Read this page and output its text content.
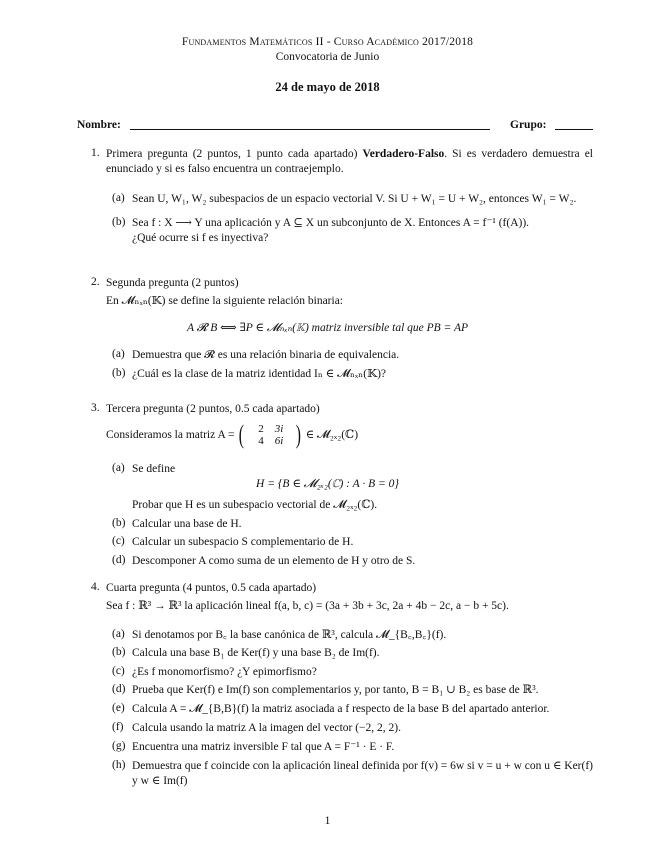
Fundamentos Matemáticos II - Curso Académico 2017/2018
Convocatoria de Junio
24 de mayo de 2018
Nombre:	Grupo:
1. Primera pregunta (2 puntos, 1 punto cada apartado) Verdadero-Falso. Si es verdadero demuestra el enunciado y si es falso encuentra un contraejemplo.
(a) Sean U, W₁, W₂ subespacios de un espacio vectorial V. Si U + W₁ = U + W₂, entonces W₁ = W₂.
(b) Sea f : X ⟶ Y una aplicación y A ⊆ X un subconjunto de X. Entonces A = f⁻¹ (f(A)).
¿Qué ocurre si f es inyectiva?
2. Segunda pregunta (2 puntos)
En 𝓜ₙₓₙ(𝕂) se define la siguiente relación binaria:
A 𝓡 B ⟺ ∃P ∈ 𝓜ₙₓₙ(𝕂) matriz inversible tal que PB = AP
(a) Demuestra que 𝓡 es una relación binaria de equivalencia.
(b) ¿Cuál es la clase de la matriz identidad Iₙ ∈ 𝓜ₙₓₙ(𝕂)?
3. Tercera pregunta (2 puntos, 0.5 cada apartado)
Consideramos la matriz A = (	2 3i
4 6i ) ∈ 𝓜₂ₓ₂(ℂ)
(a) Se define
H = {B ∈ 𝓜₂ₓ₂(ℂ) : A · B = 0}
Probar que H es un subespacio vectorial de 𝓜₂ₓ₂(ℂ).
(b) Calcular una base de H.
(c) Calcular un subespacio S complementario de H.
(d) Descomponer A como suma de un elemento de H y otro de S.
4. Cuarta pregunta (4 puntos, 0.5 cada apartado)
Sea f : ℝ³ → ℝ³ la aplicación lineal f(a, b, c) = (3a + 3b + 3c, 2a + 4b − 2c, a − b + 5c).
(a) Si denotamos por B꜀ la base canónica de ℝ³, calcula 𝓜_{B꜀,B꜀}(f).
(b) Calcula una base B₁ de Ker(f) y una base B₂ de Im(f).
(c) ¿Es f monomorfismo? ¿Y epimorfismo?
(d) Prueba que Ker(f) e Im(f) son complementarios y, por tanto, B = B₁ ∪ B₂ es base de ℝ³.
(e) Calcula A = 𝓜_{B,B}(f) la matriz asociada a f respecto de la base B del apartado anterior.
(f) Calcula usando la matriz A la imagen del vector (−2, 2, 2).
(g) Encuentra una matriz inversible F tal que A = F⁻¹ · E · F.
(h) Demuestra que f coincide con la aplicación lineal definida por f(v) = 6w si v = u + w con u ∈ Ker(f) y w ∈ Im(f)
1
